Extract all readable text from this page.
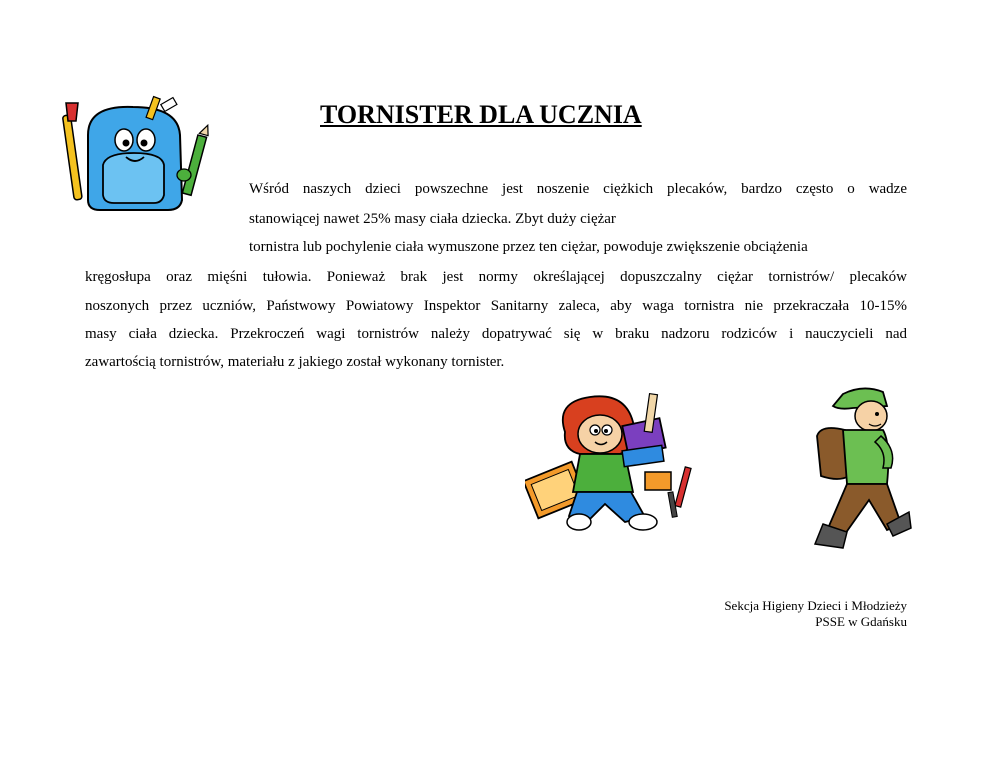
TORNISTER DLA UCZNIA
Wśród naszych dzieci powszechne jest noszenie ciężkich plecaków, bardzo często o wadze
stanowiącej nawet 25% masy ciała dziecka. Zbyt duży ciężar
tornistra lub pochylenie ciała wymuszone przez ten ciężar, powoduje zwiększenie obciążenia
kręgosłupa oraz mięśni tułowia. Ponieważ brak jest normy określającej dopuszczalny ciężar tornistrów/ plecaków
noszonych przez uczniów, Państwowy Powiatowy Inspektor Sanitarny zaleca, aby waga tornistra nie przekraczała 10-15%
masy ciała dziecka. Przekroczeń wagi tornistrów należy dopatrywać się w braku nadzoru rodziców i nauczycieli nad
zawartością tornistrów, materiału z jakiego został wykonany tornister.
Sekcja Higieny Dzieci i Młodzieży
PSSE w Gdańsku
